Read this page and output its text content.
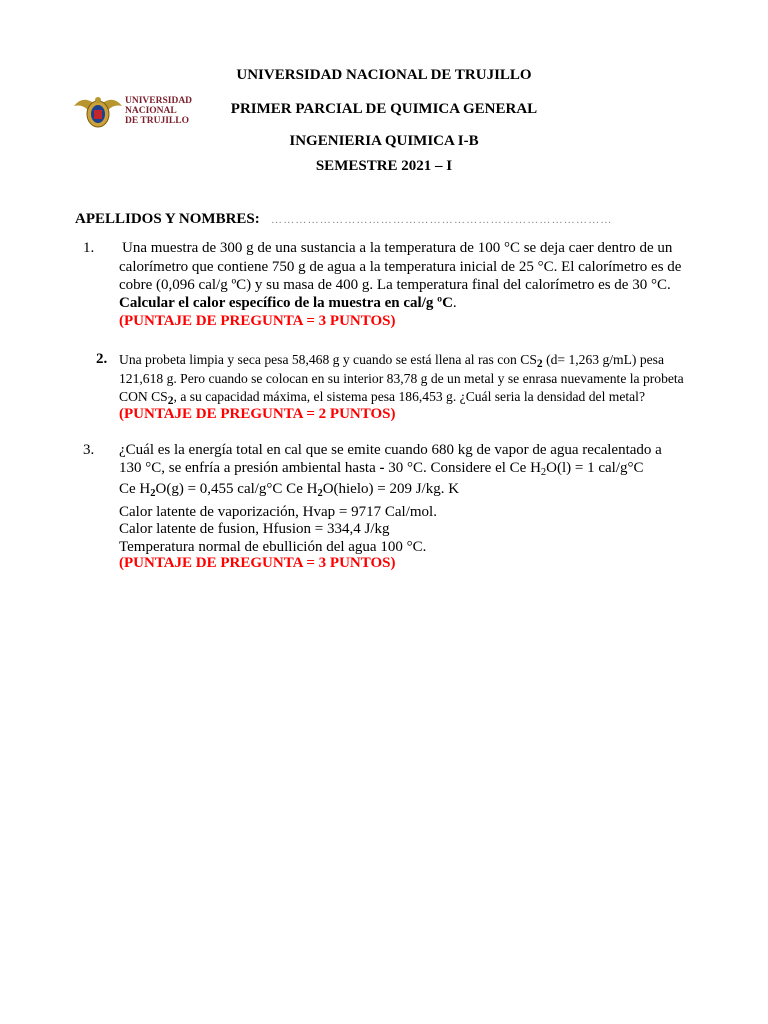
UNIVERSIDAD NACIONAL DE TRUJILLO
PRIMER PARCIAL DE QUIMICA GENERAL
INGENIERIA QUIMICA I-B
SEMESTRE 2021 – I
UNIVERSIDAD
NACIONAL
DE TRUJILLO
APELLIDOS Y NOMBRES: …………………………………………………………………………
1. Una muestra de 300 g de una sustancia a la temperatura de 100 °C se deja caer dentro de un
calorímetro que contiene 750 g de agua a la temperatura inicial de 25 °C. El calorímetro es de
cobre (0,096 cal/g ºC) y su masa de 400 g. La temperatura final del calorímetro es de 30 °C.
Calcular el calor específico de la muestra en cal/g ºC.
(PUNTAJE DE PREGUNTA = 3 PUNTOS)
2. Una probeta limpia y seca pesa 58,468 g y cuando se está llena al ras con CS2 (d= 1,263 g/mL) pesa
121,618 g. Pero cuando se colocan en su interior 83,78 g de un metal y se enrasa nuevamente la probeta
CON CS2, a su capacidad máxima, el sistema pesa 186,453 g. ¿Cuál seria la densidad del metal?
(PUNTAJE DE PREGUNTA = 2 PUNTOS)
3. ¿Cuál es la energía total en cal que se emite cuando 680 kg de vapor de agua recalentado a
130 °C, se enfría a presión ambiental hasta - 30 °C. Considere el Ce $H_2O(l) = 1$ cal/g°C
Ce $H_2O(g) = 0,455$ cal/g°C Ce $H_2O(hielo) = 209$ J/kg. K
Calor latente de vaporización, Hvap = 9717 Cal/mol.
Calor latente de fusion, Hfusion = 334,4 J/kg
Temperatura normal de ebullición del agua 100 °C.
(PUNTAJE DE PREGUNTA = 3 PUNTOS)
